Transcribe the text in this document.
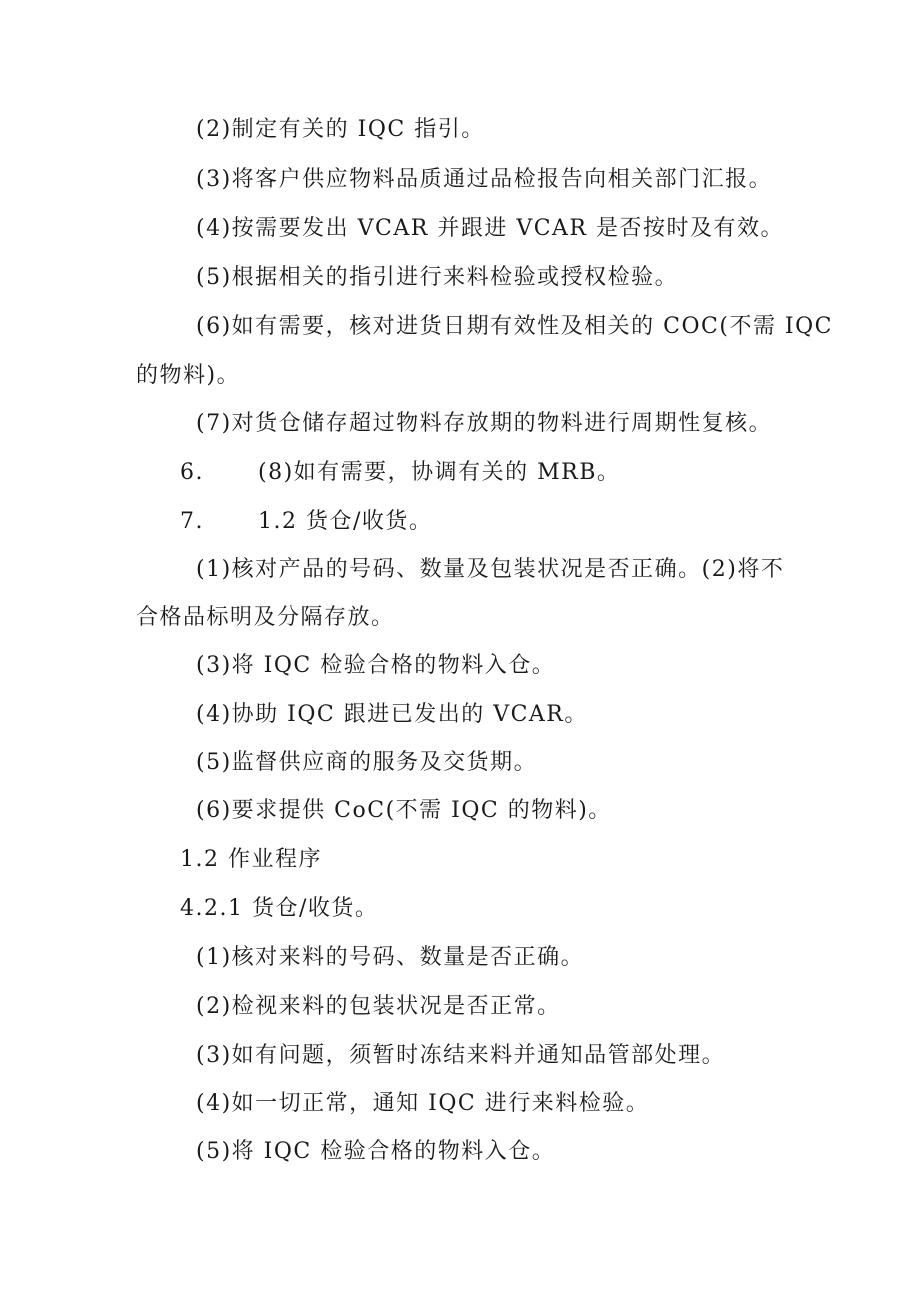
(2)制定有关的 IQC 指引。
(3)将客户供应物料品质通过品检报告向相关部门汇报。
(4)按需要发出 VCAR 并跟进 VCAR 是否按时及有效。
(5)根据相关的指引进行来料检验或授权检验。
(6)如有需要，核对进货日期有效性及相关的 COC(不需 IQC
的物料)。
(7)对货仓储存超过物料存放期的物料进行周期性复核。
6. (8)如有需要，协调有关的 MRB。
7. 1.2 货仓/收货。
(1)核对产品的号码、数量及包装状况是否正确。(2)将不
合格品标明及分隔存放。
(3)将 IQC 检验合格的物料入仓。
(4)协助 IQC 跟进已发出的 VCAR。
(5)监督供应商的服务及交货期。
(6)要求提供 CoC(不需 IQC 的物料)。
1.2 作业程序
4.2.1 货仓/收货。
(1)核对来料的号码、数量是否正确。
(2)检视来料的包装状况是否正常。
(3)如有问题，须暂时冻结来料并通知品管部处理。
(4)如一切正常，通知 IQC 进行来料检验。
(5)将 IQC 检验合格的物料入仓。
